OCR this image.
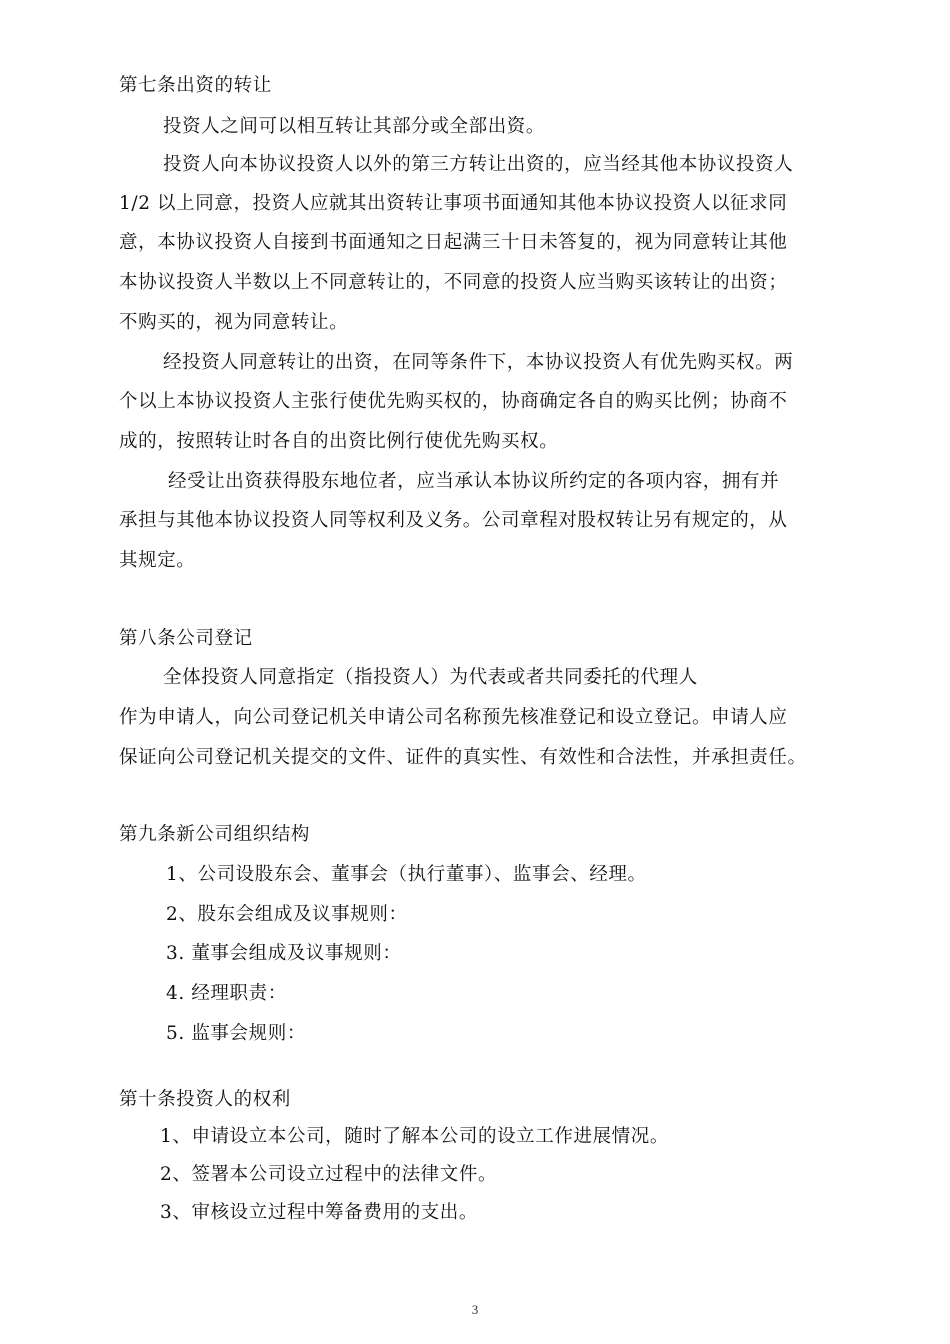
第七条出资的转让

投资人之间可以相互转让其部分或全部出资。

投资人向本协议投资人以外的第三方转让出资的，应当经其他本协议投资人

1/2 以上同意，投资人应就其出资转让事项书面通知其他本协议投资人以征求同

意，本协议投资人自接到书面通知之日起满三十日未答复的，视为同意转让其他

本协议投资人半数以上不同意转让的，不同意的投资人应当购买该转让的出资；

不购买的，视为同意转让。

经投资人同意转让的出资，在同等条件下，本协议投资人有优先购买权。两

个以上本协议投资人主张行使优先购买权的，协商确定各自的购买比例；协商不

成的，按照转让时各自的出资比例行使优先购买权。

经受让出资获得股东地位者，应当承认本协议所约定的各项内容，拥有并

承担与其他本协议投资人同等权利及义务。公司章程对股权转让另有规定的，从

其规定。

第八条公司登记

全体投资人同意指定（指投资人）为代表或者共同委托的代理人

作为申请人，向公司登记机关申请公司名称预先核准登记和设立登记。申请人应

保证向公司登记机关提交的文件、证件的真实性、有效性和合法性，并承担责任。

第九条新公司组织结构

1、公司设股东会、董事会（执行董事）、监事会、经理。

2、股东会组成及议事规则：

3. 董事会组成及议事规则：

4. 经理职责：

5. 监事会规则：

第十条投资人的权利

1、申请设立本公司，随时了解本公司的设立工作进展情况。

2、签署本公司设立过程中的法律文件。

3、审核设立过程中筹备费用的支出。

3
